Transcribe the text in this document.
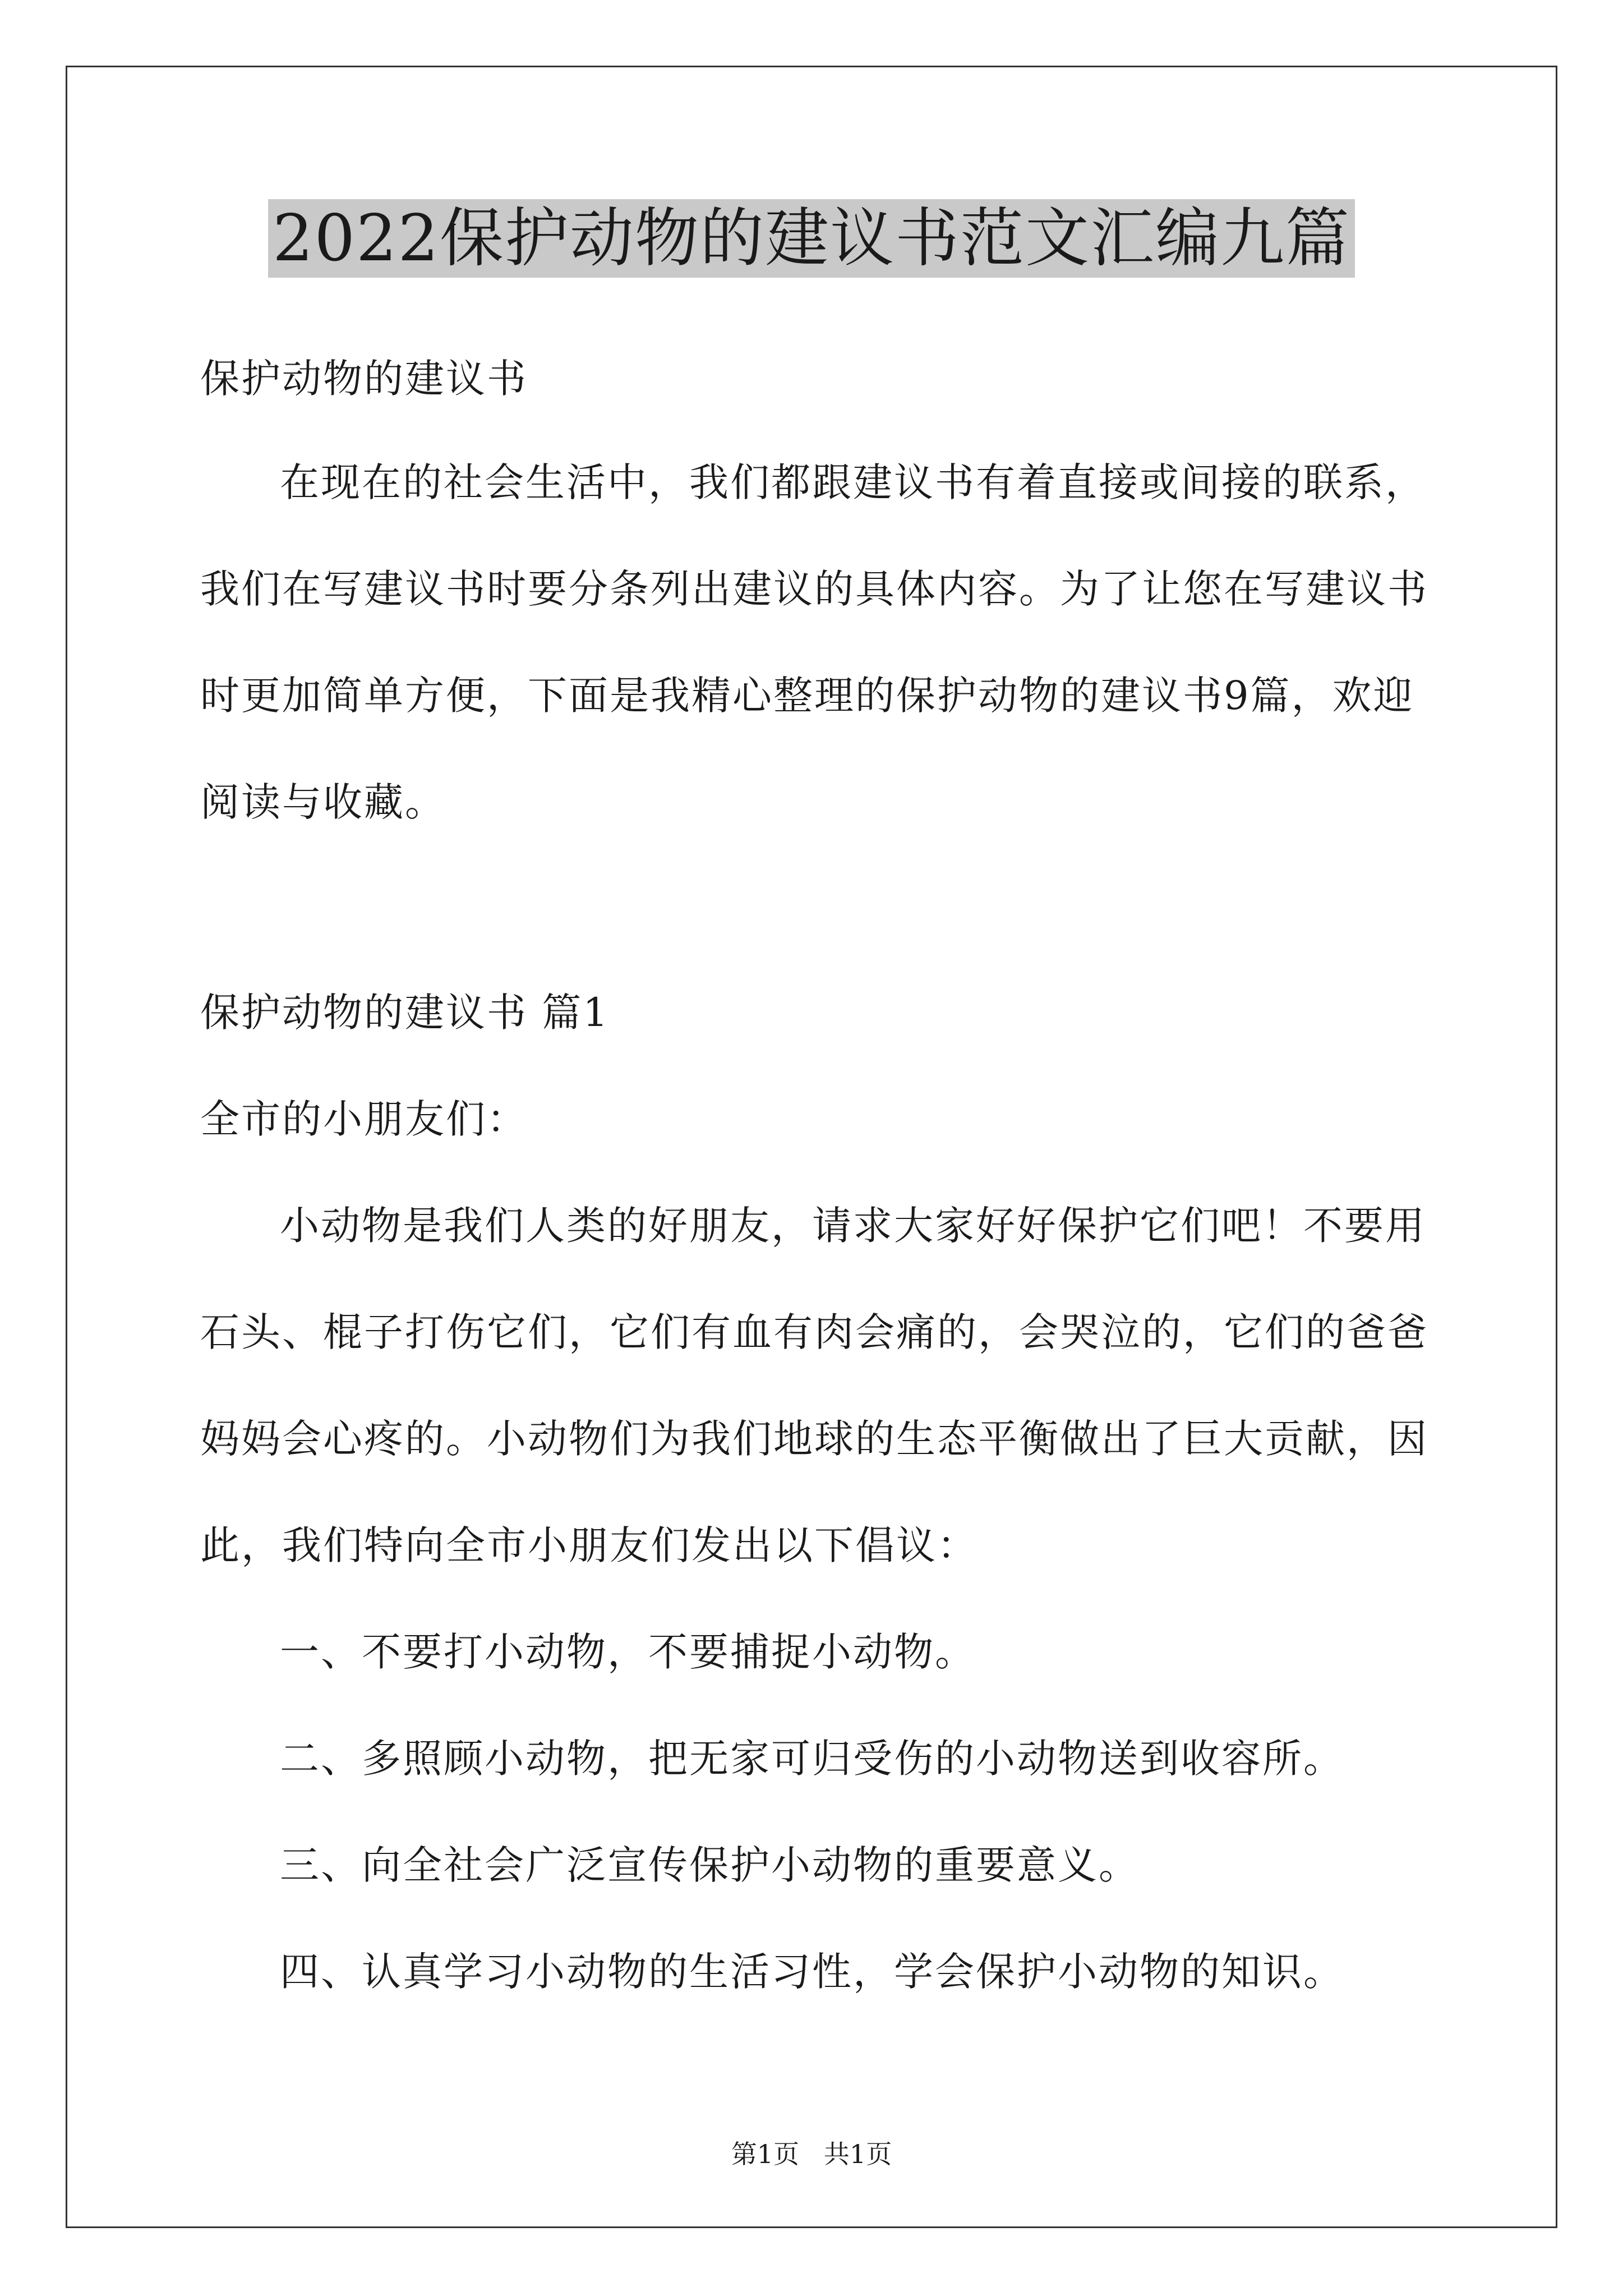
2022保护动物的建议书范文汇编九篇
保护动物的建议书
在现在的社会生活中，我们都跟建议书有着直接或间接的联系，
我们在写建议书时要分条列出建议的具体内容。为了让您在写建议书
时更加简单方便，下面是我精心整理的保护动物的建议书9篇，欢迎
阅读与收藏。
保护动物的建议书 篇1
全市的小朋友们：
小动物是我们人类的好朋友，请求大家好好保护它们吧！不要用
石头、棍子打伤它们，它们有血有肉会痛的，会哭泣的，它们的爸爸
妈妈会心疼的。小动物们为我们地球的生态平衡做出了巨大贡献，因
此，我们特向全市小朋友们发出以下倡议：
一、不要打小动物，不要捕捉小动物。
二、多照顾小动物，把无家可归受伤的小动物送到收容所。
三、向全社会广泛宣传保护小动物的重要意义。
四、认真学习小动物的生活习性，学会保护小动物的知识。
第1页   共1页
